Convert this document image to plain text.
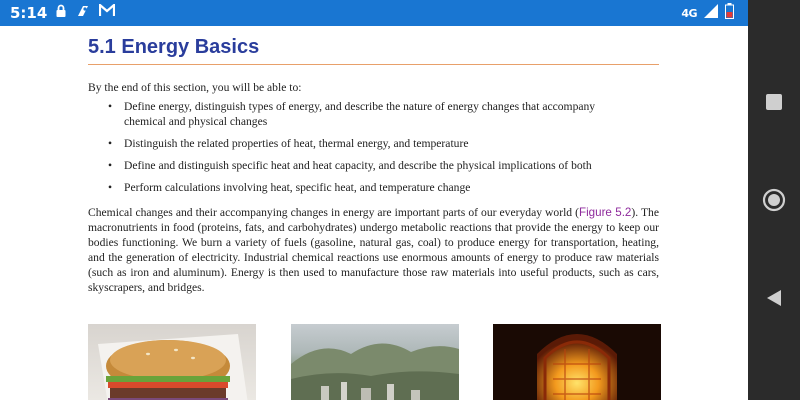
5:14	4G
5.1 Energy Basics

By the end of this section, you will be able to:

• Define energy, distinguish types of energy, and describe the nature of energy changes that accompany chemical and physical changes
• Distinguish the related properties of heat, thermal energy, and temperature
• Define and distinguish specific heat and heat capacity, and describe the physical implications of both
• Perform calculations involving heat, specific heat, and temperature change

Chemical changes and their accompanying changes in energy are important parts of our everyday world (Figure 5.2). The macronutrients in food (proteins, fats, and carbohydrates) undergo metabolic reactions that provide the energy to keep our bodies functioning. We burn a variety of fuels (gasoline, natural gas, coal) to produce energy for transportation, heating, and the generation of electricity. Industrial chemical reactions use enormous amounts of energy to produce raw materials (such as iron and aluminum). Energy is then used to manufacture those raw materials into useful products, such as cars, skyscrapers, and bridges.
